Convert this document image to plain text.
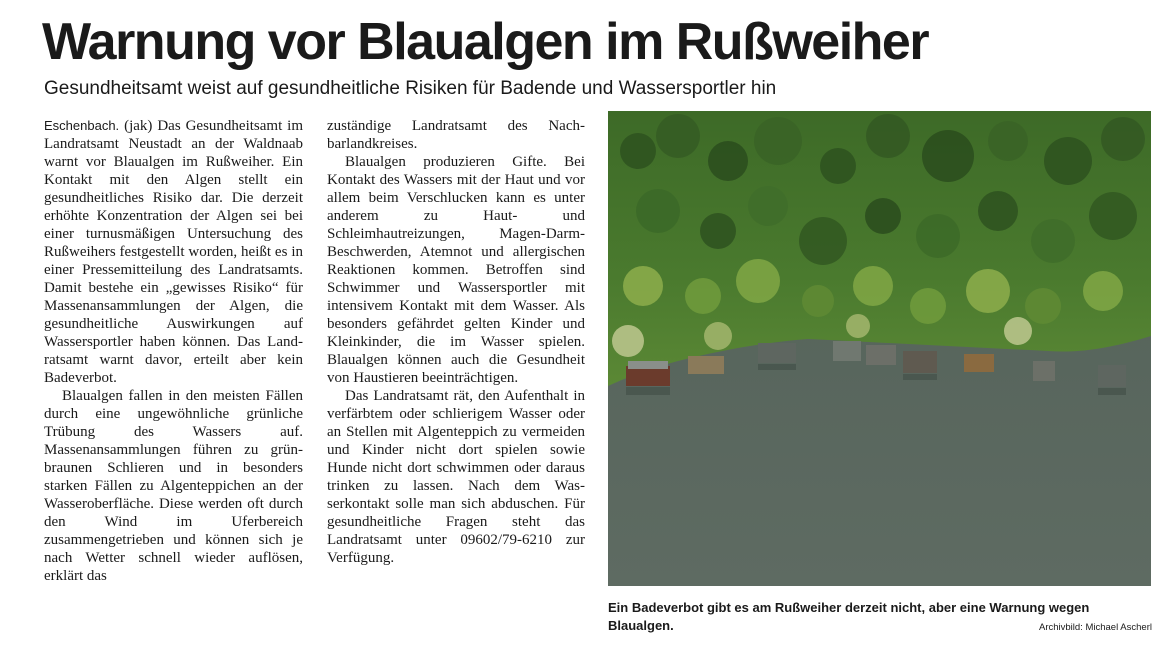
Warnung vor Blaualgen im Rußweiher
Gesundheitsamt weist auf gesundheitliche Risiken für Badende und Wassersportler hin

Eschenbach. (jak) Das Gesundheitsamt im Landratsamt Neustadt an der Waldnaab warnt vor Blaualgen im Rußweiher. Ein Kontakt mit den Algen stellt ein gesundheitliches Risiko dar. Die derzeit erhöhte Konzentration der Algen sei bei einer turnusmäßigen Untersuchung des Rußweihers festgestellt worden, heißt es in einer Pressemitteilung des Landratsamts. Damit bestehe ein „gewisses Risiko“ für Massenansammlungen der Algen, die gesundheitliche Auswirkungen auf Wassersportler haben können. Das Landratsamt warnt davor, erteilt aber kein Badeverbot.

Blaualgen fallen in den meisten Fällen durch eine ungewöhnliche grünliche Trübung des Wassers auf. Massenansammlungen führen zu grün-braunen Schlieren und in besonders starken Fällen zu Algenteppichen an der Wasseroberfläche. Diese werden oft durch den Wind im Uferbereich zusammengetrieben und können sich je nach Wetter schnell wieder auflösen, erklärt das

zuständige Landratsamt des Nachbarlandkreises.

Blaualgen produzieren Gifte. Bei Kontakt des Wassers mit der Haut und vor allem beim Verschlucken kann es unter anderem zu Haut- und Schleimhautreizungen, Magen-Darm-Beschwerden, Atemnot und allergischen Reaktionen kommen. Betroffen sind Schwimmer und Wassersportler mit intensivem Kontakt mit dem Wasser. Als besonders gefährdet gelten Kinder und Kleinkinder, die im Wasser spielen. Blaualgen können auch die Gesundheit von Haustieren beeinträchtigen.

Das Landratsamt rät, den Aufenthalt in verfärbtem oder schlierigem Wasser oder an Stellen mit Algenteppich zu vermeiden und Kinder nicht dort spielen sowie Hunde nicht dort schwimmen oder daraus trinken zu lassen. Nach dem Wasserkontakt solle man sich abduschen. Für gesundheitliche Fragen steht das Landratsamt unter 09602/79-6210 zur Verfügung.

Ein Badeverbot gibt es am Rußweiher derzeit nicht, aber eine Warnung wegen Blaualgen.	Archivbild: Michael Ascherl
